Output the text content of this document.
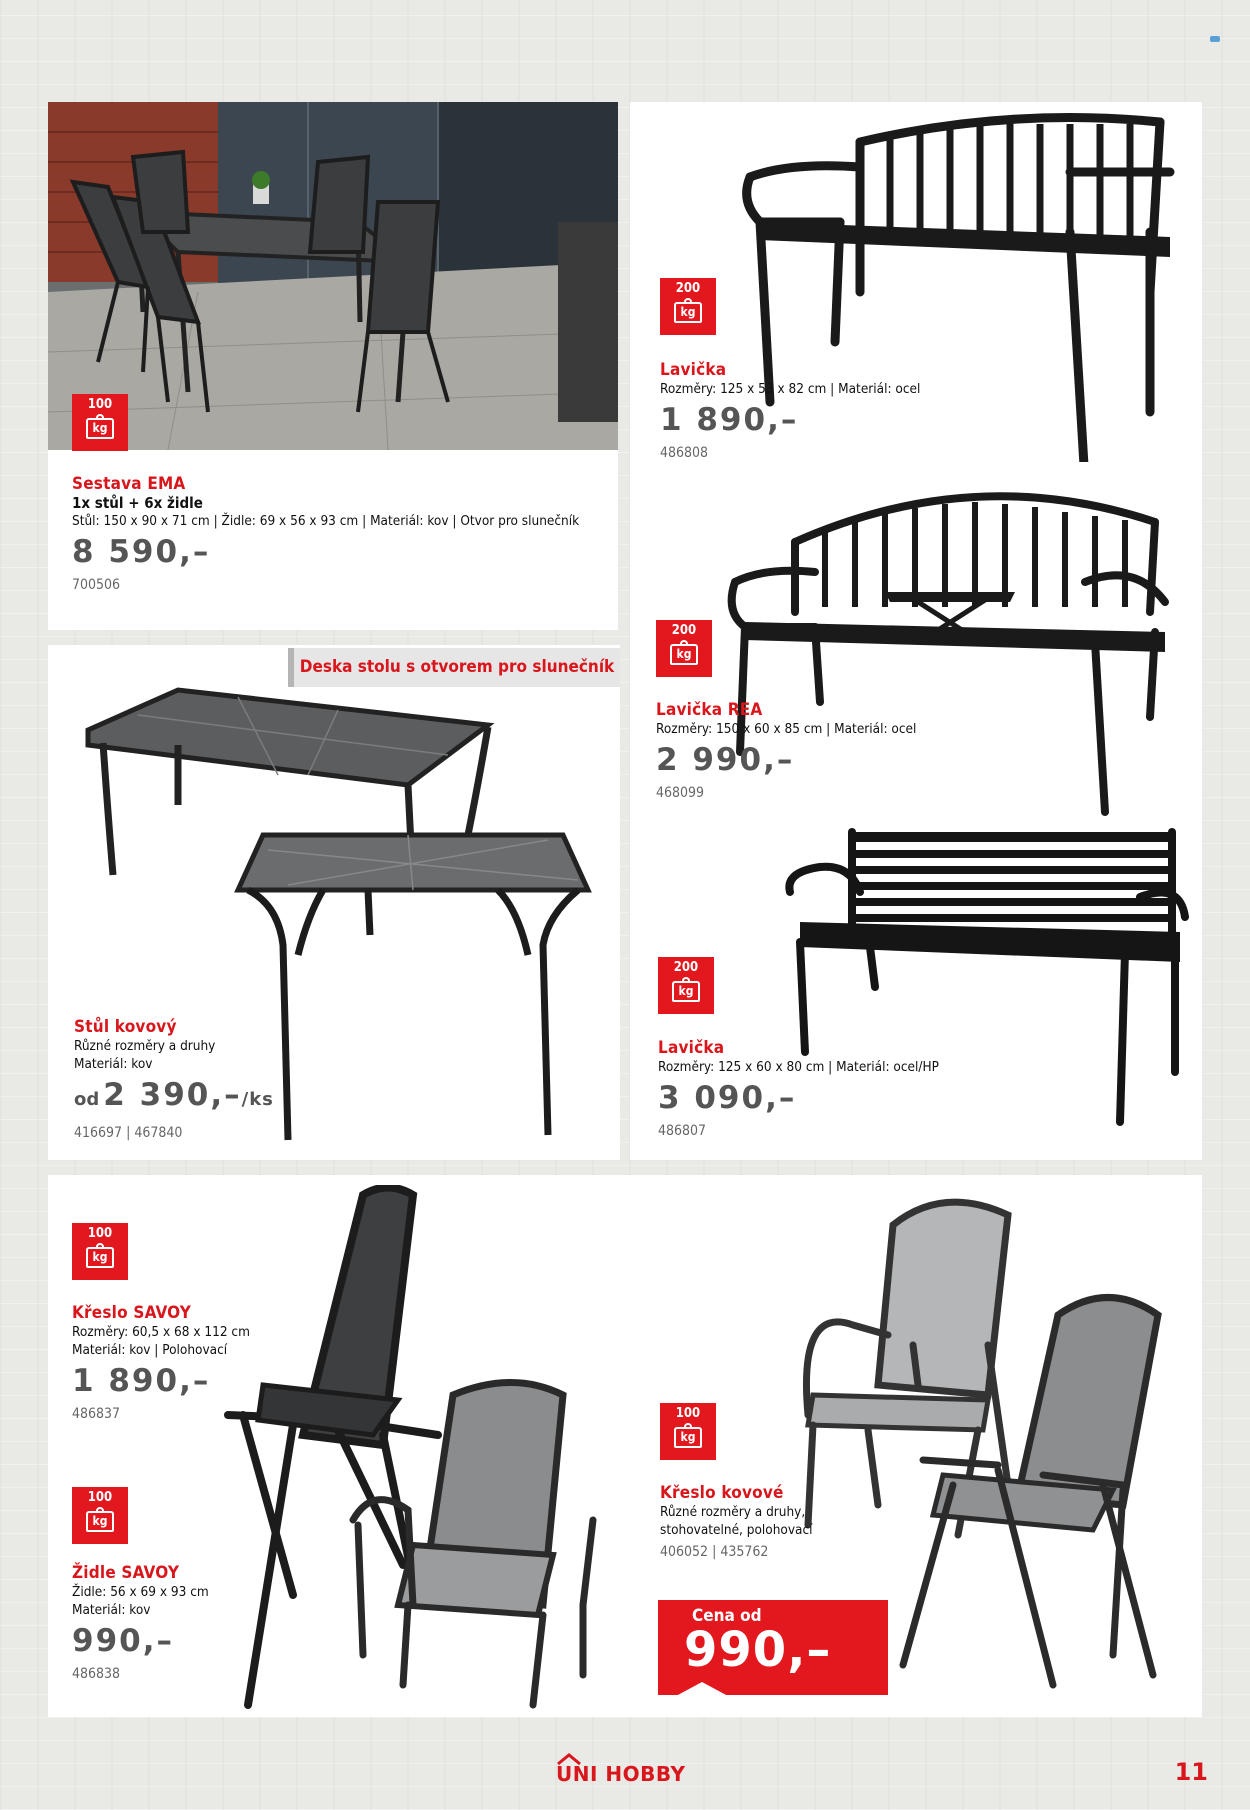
100
kg
Sestava EMA
1x stůl + 6x židle
Stůl: 150 x 90 x 71 cm | Židle: 69 x 56 x 93 cm | Materiál: kov | Otvor pro slunečník
8 590,–
700506
200
kg
Lavička
Rozměry: 125 x 53 x 82 cm | Materiál: ocel
1 890,–
486808
200
kg
Lavička REA
Rozměry: 150 x 60 x 85 cm | Materiál: ocel
2 990,–
468099
200
kg
Lavička
Rozměry: 125 x 60 x 80 cm | Materiál: ocel/HP
3 090,–
486807
Deska stolu s otvorem pro slunečník
Stůl kovový
Různé rozměry a druhy
Materiál: kov
od 2 390,–/ks
416697 | 467840
100
kg
Křeslo SAVOY
Rozměry: 60,5 x 68 x 112 cm
Materiál: kov | Polohovací
1 890,–
486837
100
kg
Židle SAVOY
Židle: 56 x 69 x 93 cm
Materiál: kov
990,–
486838
100
kg
Křeslo kovové
Různé rozměry a druhy,
stohovatelné, polohovací
406052 | 435762
Cena od
990,–
UNI HOBBY	11
